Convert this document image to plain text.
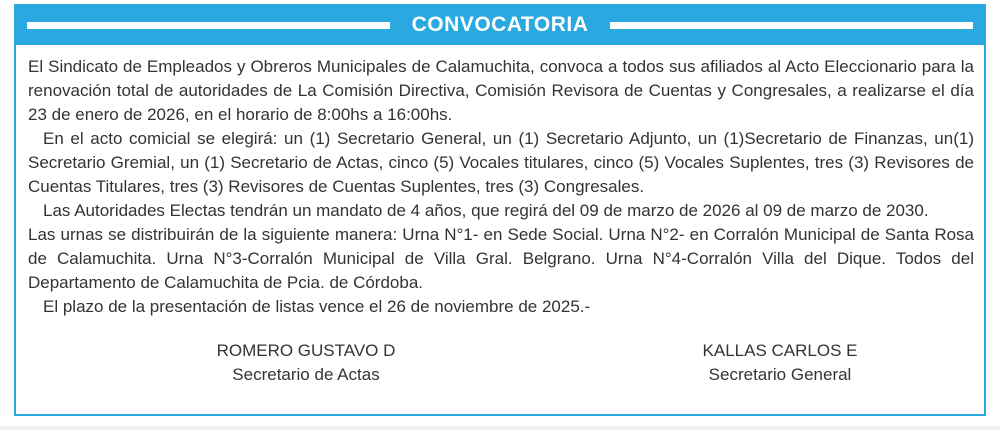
CONVOCATORIA

El Sindicato de Empleados y Obreros Municipales de Calamuchita, convoca a todos sus afiliados al Acto Eleccionario para la renovación total de autoridades de La Comisión Directiva, Comisión Revisora de Cuentas y Congresales, a realizarse el día 23 de enero de 2026, en el horario de 8:00hs a 16:00hs.

En el acto comicial se elegirá: un (1) Secretario General, un (1) Secretario Adjunto, un (1)Secretario de Finanzas, un(1) Secretario Gremial, un (1) Secretario de Actas, cinco (5) Vocales titulares, cinco (5) Vocales Suplentes, tres (3) Revisores de Cuentas Titulares, tres (3) Revisores de Cuentas Suplentes, tres (3) Congresales.

Las Autoridades Electas tendrán un mandato de 4 años, que regirá del 09 de marzo de 2026 al 09 de marzo de 2030.

Las urnas se distribuirán de la siguiente manera: Urna N°1- en Sede Social. Urna N°2- en Corralón Municipal de Santa Rosa de Calamuchita. Urna N°3-Corralón Municipal de Villa Gral. Belgrano. Urna N°4-Corralón Villa del Dique. Todos del Departamento de Calamuchita de Pcia. de Córdoba.

El plazo de la presentación de listas vence el 26 de noviembre de 2025.-

ROMERO GUSTAVO D
Secretario de Actas
KALLAS CARLOS E
Secretario General
